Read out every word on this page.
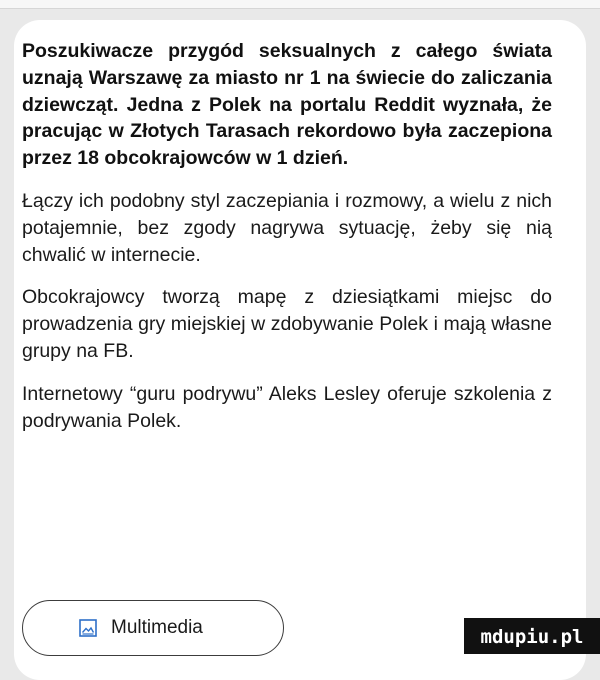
Poszukiwacze przygód seksualnych z całego świata uznają Warszawę za miasto nr 1 na świecie do zaliczania dziewcząt. Jedna z Polek na portalu Reddit wyznała, że pracując w Złotych Tarasach rekordowo była zaczepiona przez 18 obcokrajowców w 1 dzień.

Łączy ich podobny styl zaczepiania i rozmowy, a wielu z nich potajemnie, bez zgody nagrywa sytuację, żeby się nią chwalić w internecie.

Obcokrajowcy tworzą mapę z dziesiątkami miejsc do prowadzenia gry miejskiej w zdobywanie Polek i mają własne grupy na FB.

Internetowy “guru podrywu” Aleks Lesley oferuje szkolenia z podrywania Polek.

Multimedia	mdupiu.pl
